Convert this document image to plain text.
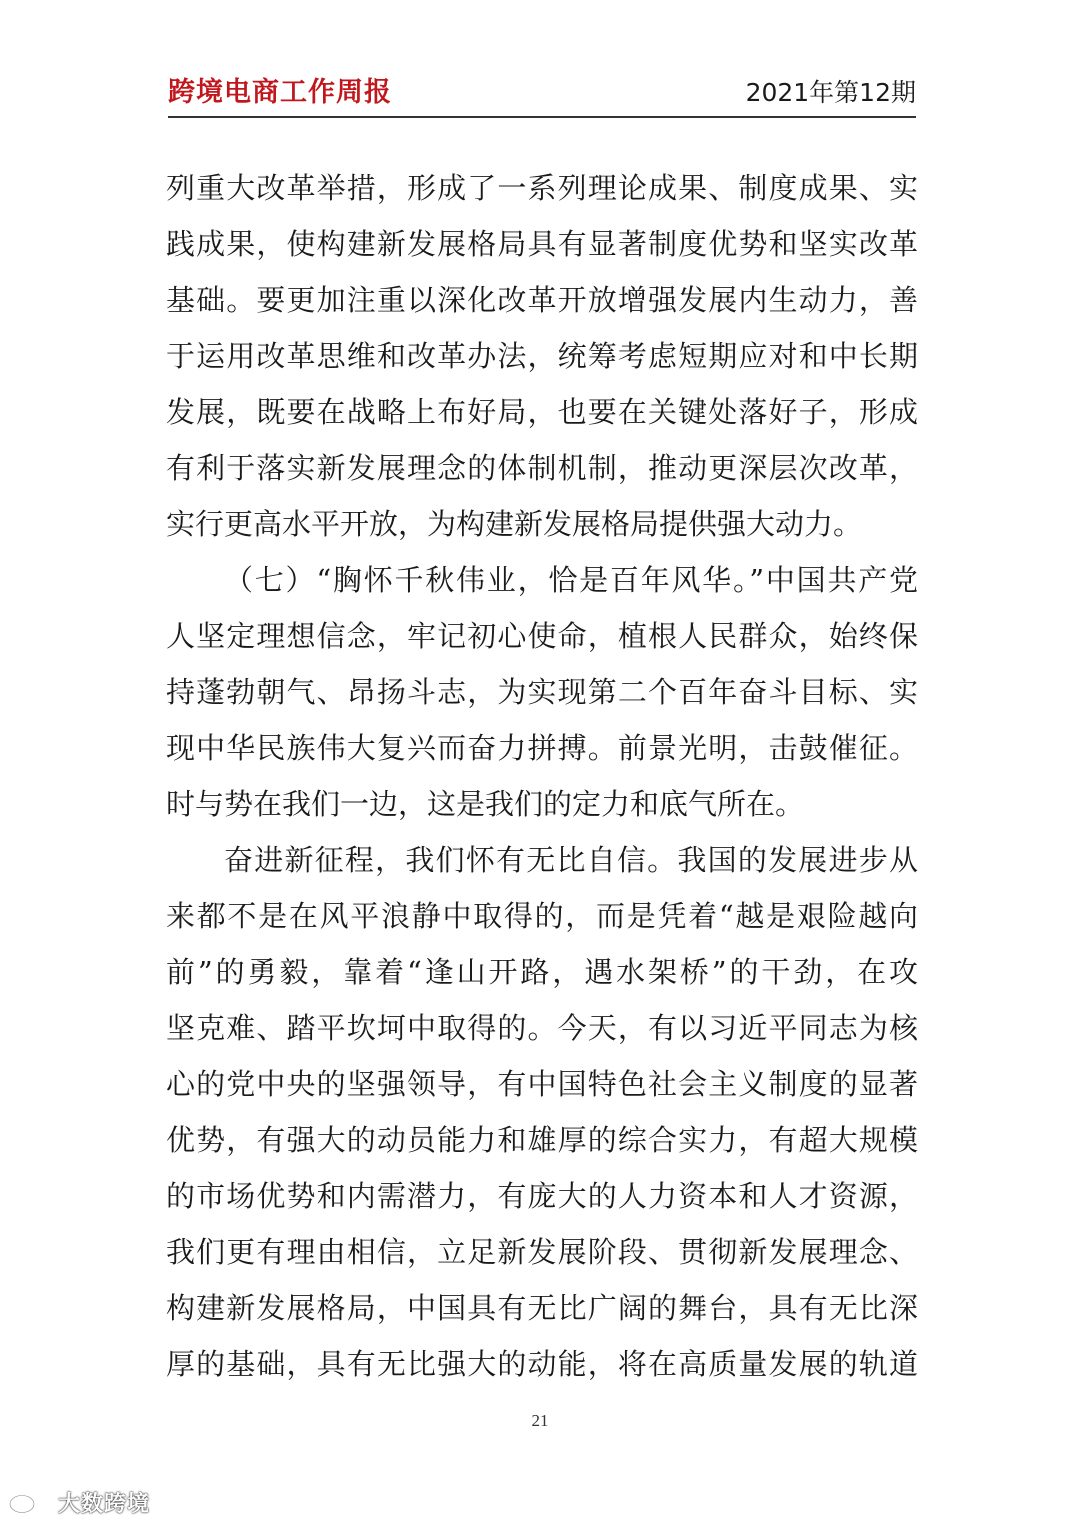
跨境电商工作周报	2021年第12期
列重大改革举措，形成了一系列理论成果、制度成果、实
践成果，使构建新发展格局具有显著制度优势和坚实改革
基础。要更加注重以深化改革开放增强发展内生动力，善
于运用改革思维和改革办法，统筹考虑短期应对和中长期
发展，既要在战略上布好局，也要在关键处落好子，形成
有利于落实新发展理念的体制机制，推动更深层次改革，
实行更高水平开放，为构建新发展格局提供强大动力。
（七）“胸怀千秋伟业，恰是百年风华。”中国共产党
人坚定理想信念，牢记初心使命，植根人民群众，始终保
持蓬勃朝气、昂扬斗志，为实现第二个百年奋斗目标、实
现中华民族伟大复兴而奋力拼搏。前景光明，击鼓催征。
时与势在我们一边，这是我们的定力和底气所在。
奋进新征程，我们怀有无比自信。我国的发展进步从
来都不是在风平浪静中取得的，而是凭着“越是艰险越向
前”的勇毅，靠着“逢山开路，遇水架桥”的干劲，在攻
坚克难、踏平坎坷中取得的。今天，有以习近平同志为核
心的党中央的坚强领导，有中国特色社会主义制度的显著
优势，有强大的动员能力和雄厚的综合实力，有超大规模
的市场优势和内需潜力，有庞大的人力资本和人才资源，
我们更有理由相信，立足新发展阶段、贯彻新发展理念、
构建新发展格局，中国具有无比广阔的舞台，具有无比深
厚的基础，具有无比强大的动能，将在高质量发展的轨道
21
大数跨境
